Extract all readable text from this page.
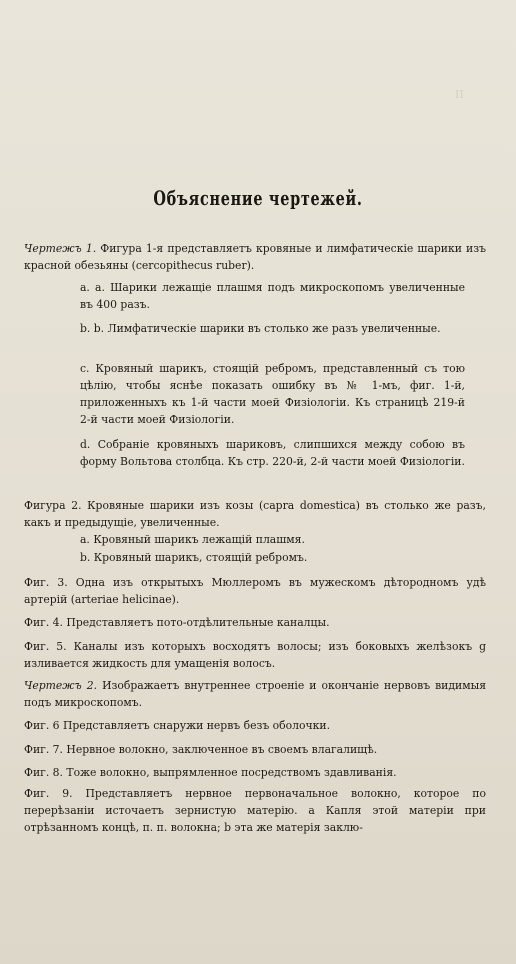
II
Объяснение чертежей.
Чертежъ 1. Фигура 1-я представляетъ кровяные и лимфатическіе шарики изъ красной обезьяны (cercopithecus ruber).
a. a. Шарики лежащіе плашмя подъ микроскопомъ увеличенные въ 400 разъ.
b. b. Лимфатическіе шарики въ столько же разъ увеличенные.
c. Кровяный шарикъ, стоящій ребромъ, представленный съ тою цѣлію, чтобы яснѣе показать ошибку въ № 1-мъ, фиг. 1-й, приложенныхъ къ 1-й части моей Физіологіи. Къ страницѣ 219-й 2-й части моей Физіологіи.
d. Собраніе кровяныхъ шариковъ, слипшихся между собою въ форму Вольтова столбца. Къ стр. 220-й, 2-й части моей Физіологіи.
Фигура 2. Кровяные шарики изъ козы (capra domestica) въ столько же разъ, какъ и предыдущіе, увеличенные.
a. Кровяный шарикъ лежащій плашмя.
b. Кровяный шарикъ, стоящій ребромъ.
Фиг. 3. Одна изъ открытыхъ Мюллеромъ въ мужескомъ дѣтородномъ удѣ артерій (arteriae helicinae).
Фиг. 4. Представляетъ пото-отдѣлительные каналцы.
Фиг. 5. Каналы изъ которыхъ восходятъ волосы; изъ боковыхъ желѣзокъ g изливается жидкость для умащенія волосъ.
Чертежъ 2. Изображаетъ внутреннее строеніе и окончаніе нервовъ видимыя подъ микроскопомъ.
Фиг. 6 Представляетъ снаружи нервъ безъ оболочки.
Фиг. 7. Нервное волокно, заключенное въ своемъ влагалищѣ.
Фиг. 8. Тоже волокно, выпрямленное посредствомъ здавливанія.
Фиг. 9. Представляетъ нервное первоначальное волокно, которое по перерѣзаніи источаетъ зернистую матерію. a Капля этой матеріи при отрѣзанномъ концѣ, п. п. волокна; b эта же матерія заклю-
